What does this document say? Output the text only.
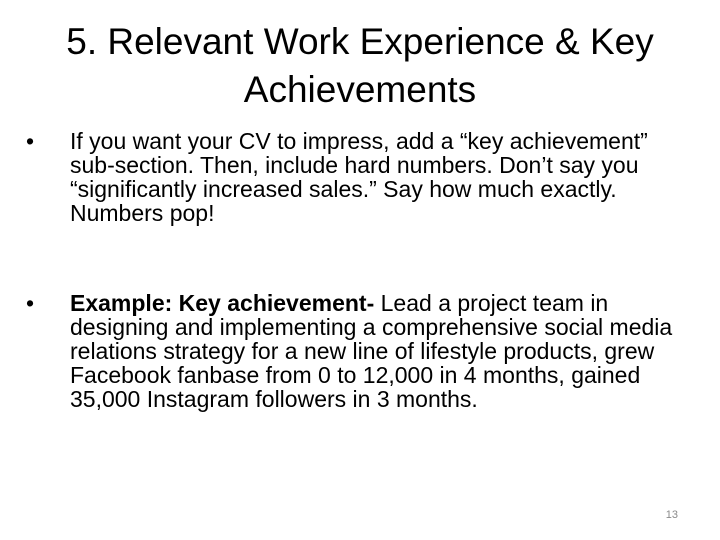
5. Relevant Work Experience & Key Achievements
• If you want your CV to impress, add a “key achievement” sub-section. Then, include hard numbers. Don’t say you “significantly increased sales.” Say how much exactly. Numbers pop!
• Example: Key achievement- Lead a project team in designing and implementing a comprehensive social media relations strategy for a new line of lifestyle products, grew Facebook fanbase from 0 to 12,000 in 4 months, gained 35,000 Instagram followers in 3 months.
13
